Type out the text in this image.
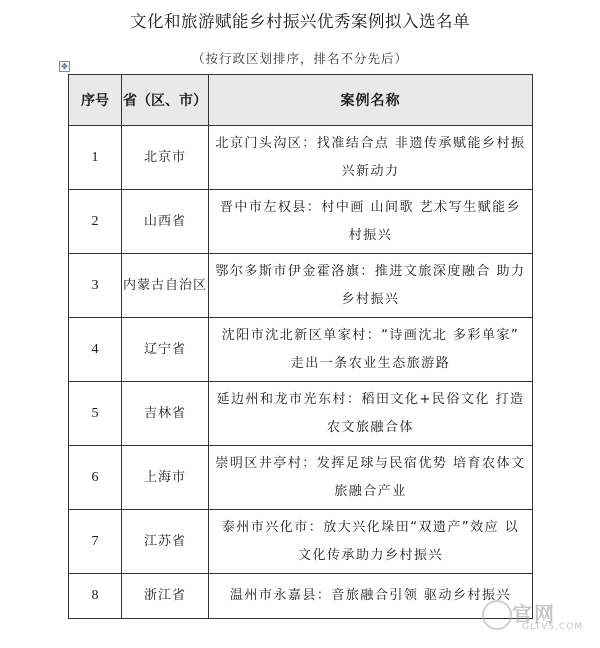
文化和旅游赋能乡村振兴优秀案例拟入选名单
✥
（按行政区划排序，排名不分先后）
序号	省（区、市）	案例名称
1	北京市	北京门头沟区：找准结合点 非遗传承赋能乡村振兴新动力
2	山西省	晋中市左权县：村中画 山间歌 艺术写生赋能乡村振兴
3	内蒙古自治区	鄂尔多斯市伊金霍洛旗：推进文旅深度融合 助力乡村振兴
4	辽宁省	沈阳市沈北新区单家村：“诗画沈北 多彩单家” 走出一条农业生态旅游路
5	吉林省	延边州和龙市光东村：稻田文化+民俗文化 打造农文旅融合体
6	上海市	崇明区井亭村：发挥足球与民宿优势 培育农体文旅融合产业
7	江苏省	泰州市兴化市：放大兴化垛田“双遗产”效应 以文化传承助力乡村振兴
8	浙江省	温州市永嘉县：音旅融合引领 驱动乡村振兴
官网
GLTVS.COM
